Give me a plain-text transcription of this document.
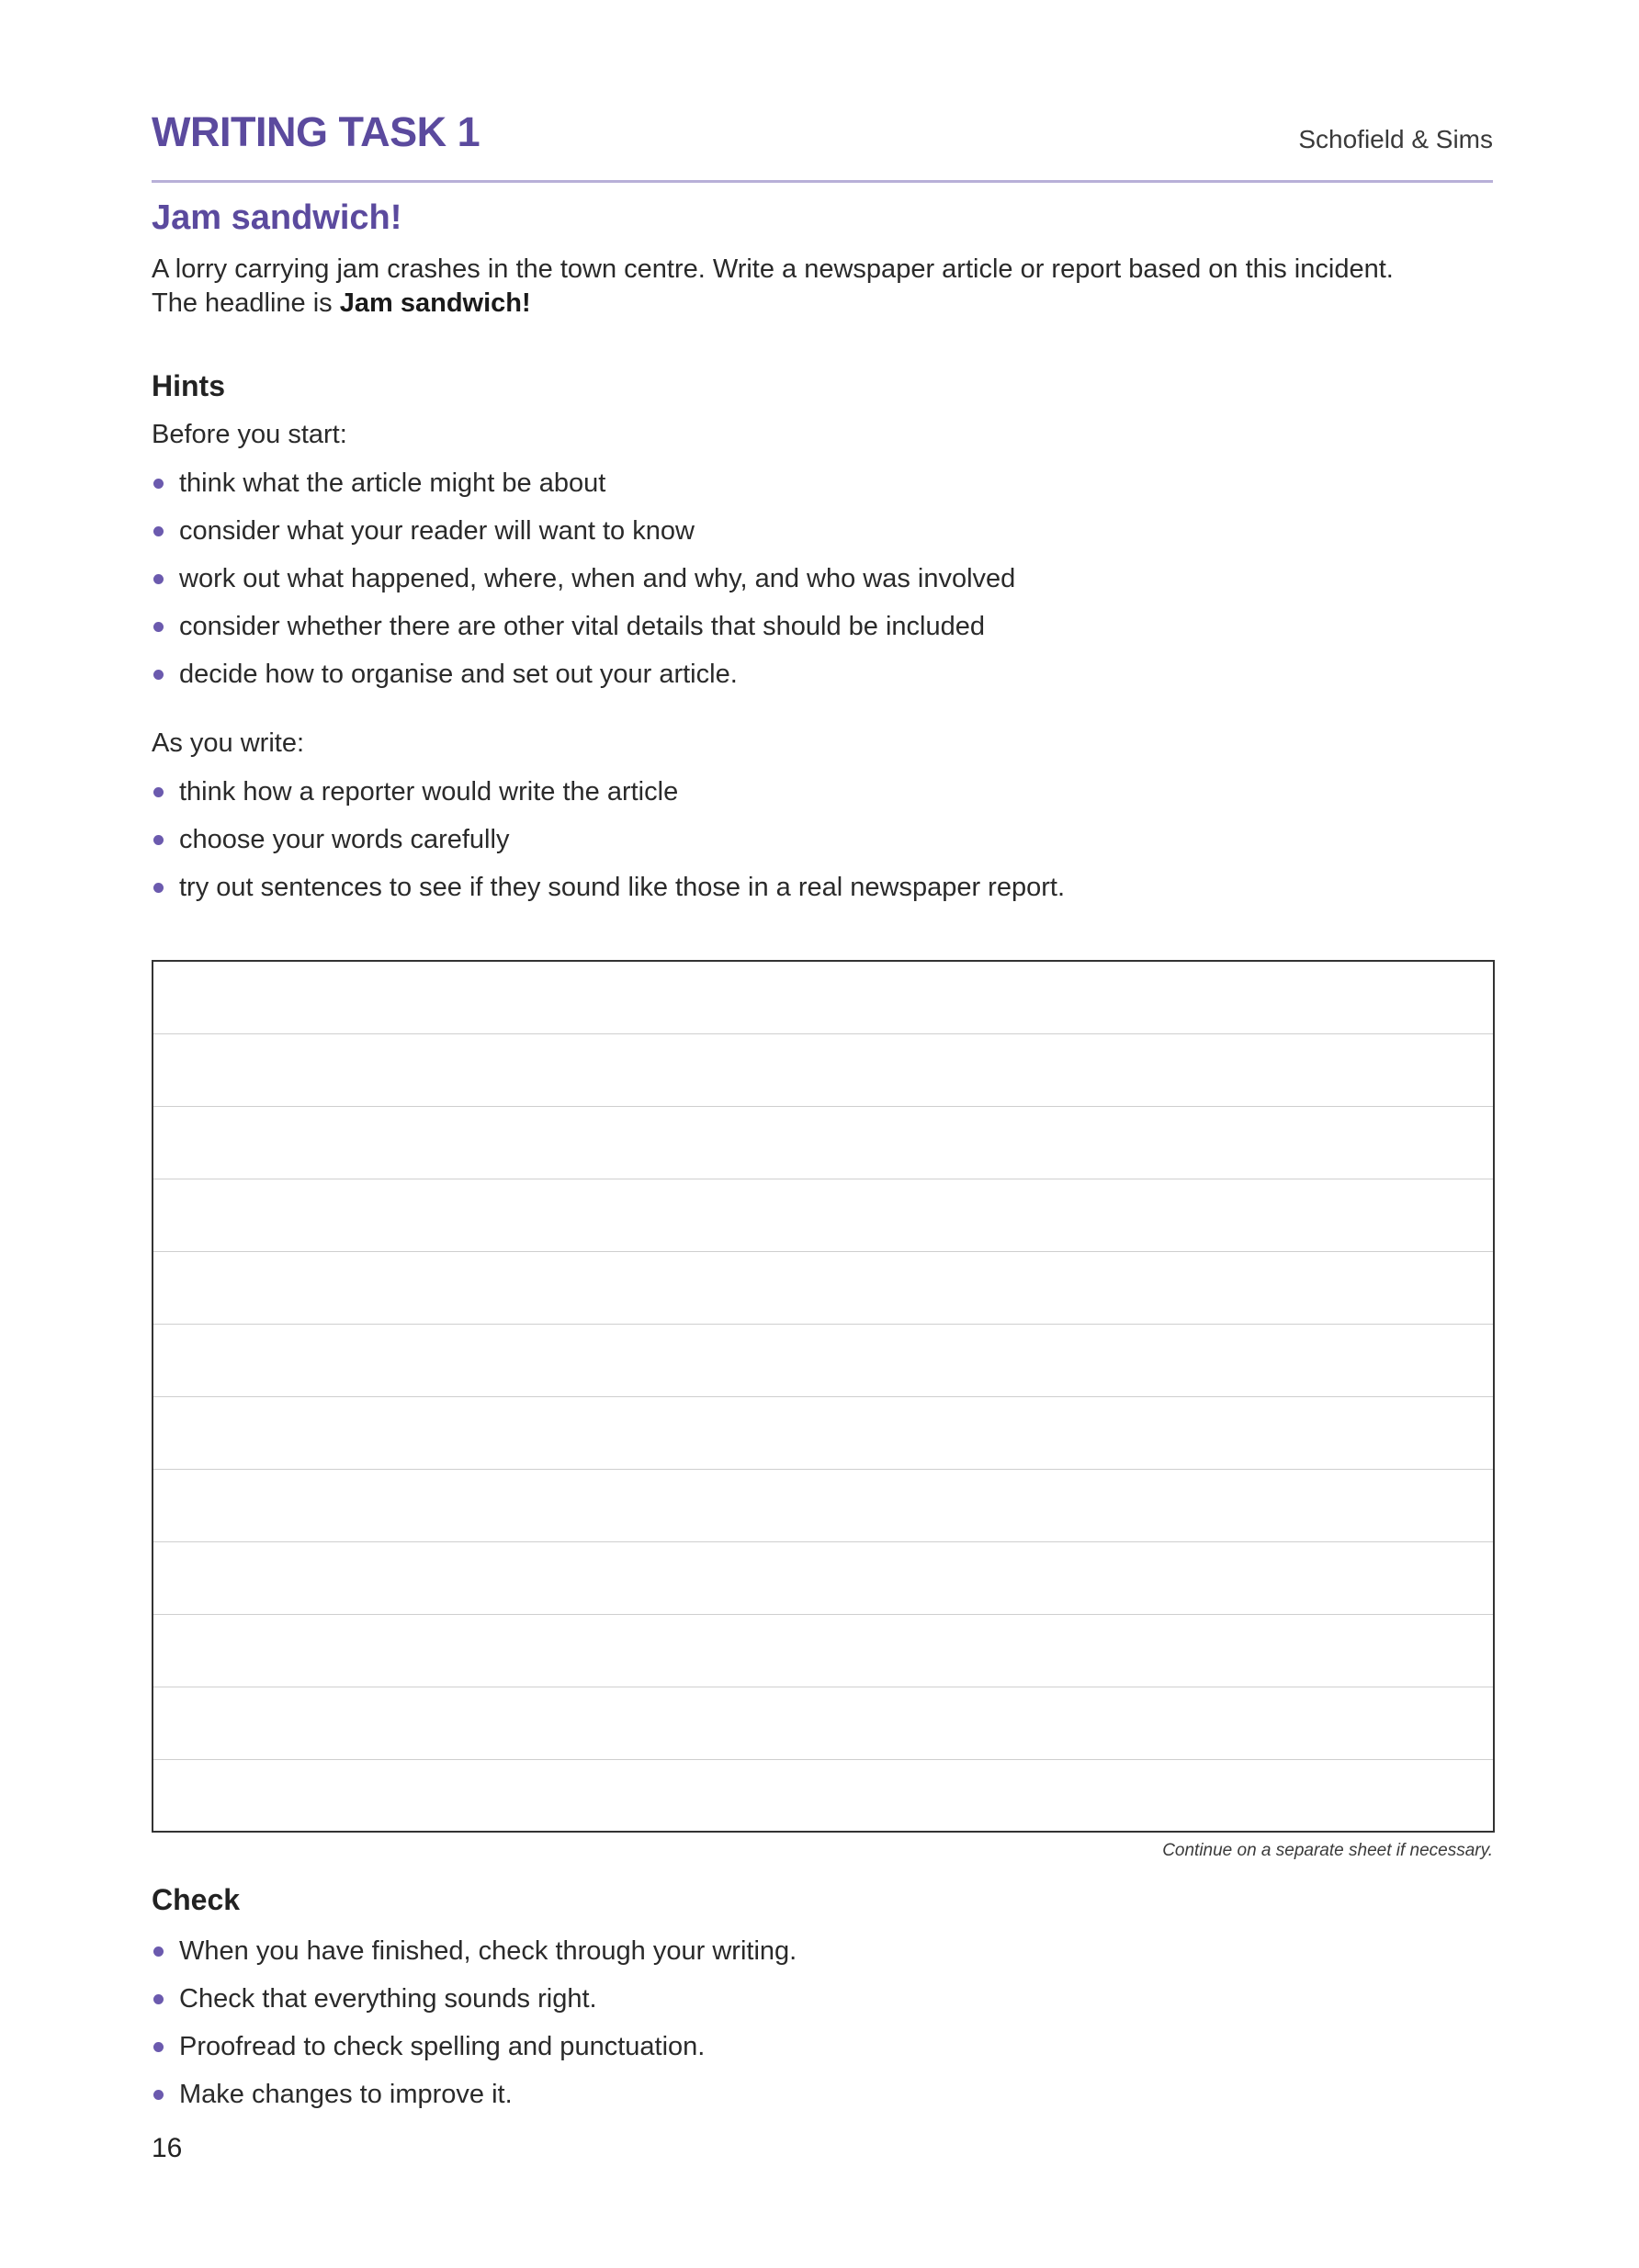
WRITING TASK 1	Schofield & Sims
Jam sandwich!
A lorry carrying jam crashes in the town centre. Write a newspaper article or report based on this incident.
The headline is Jam sandwich!
Hints
Before you start:
think what the article might be about
consider what your reader will want to know
work out what happened, where, when and why, and who was involved
consider whether there are other vital details that should be included
decide how to organise and set out your article.
As you write:
think how a reporter would write the article
choose your words carefully
try out sentences to see if they sound like those in a real newspaper report.
Continue on a separate sheet if necessary.
Check
When you have finished, check through your writing.
Check that everything sounds right.
Proofread to check spelling and punctuation.
Make changes to improve it.
16
